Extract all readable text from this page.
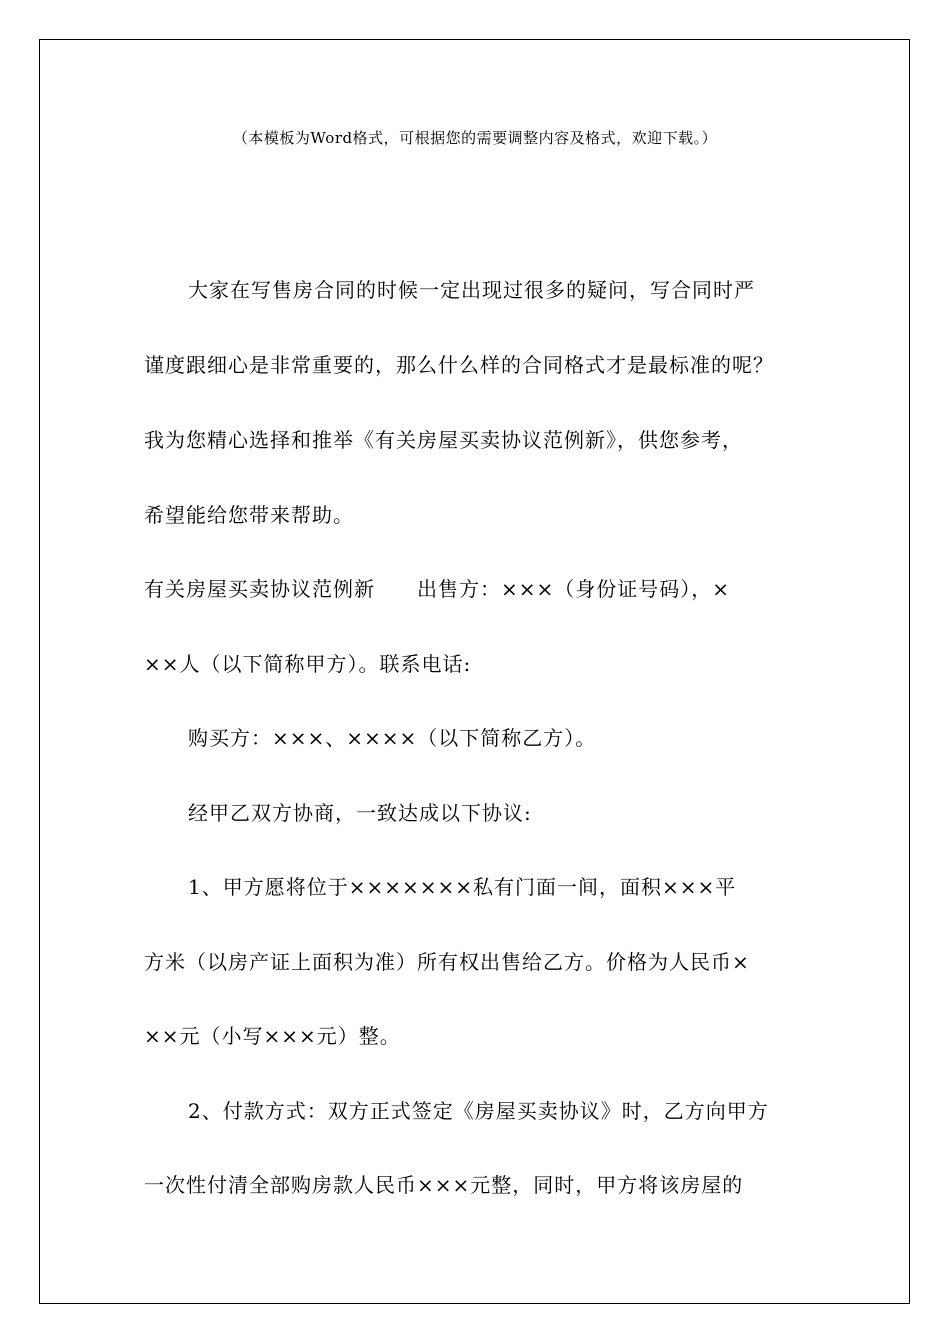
（本模板为Word格式，可根据您的需要调整内容及格式，欢迎下载。）
大家在写售房合同的时候一定出现过很多的疑问，写合同时严
谨度跟细心是非常重要的，那么什么样的合同格式才是最标准的呢？
我为您精心选择和推举《有关房屋买卖协议范例新》，供您参考，
希望能给您带来帮助。
有关房屋买卖协议范例新　　出售方：×××（身份证号码），×
××人（以下简称甲方）。联系电话:
购买方：×××、××××（以下简称乙方）。
经甲乙双方协商，一致达成以下协议:
1、甲方愿将位于×××××××私有门面一间，面积×××平
方米（以房产证上面积为准）所有权出售给乙方。价格为人民币×
××元（小写×××元）整。
2、付款方式：双方正式签定《房屋买卖协议》时，乙方向甲方
一次性付清全部购房款人民币×××元整，同时，甲方将该房屋的
